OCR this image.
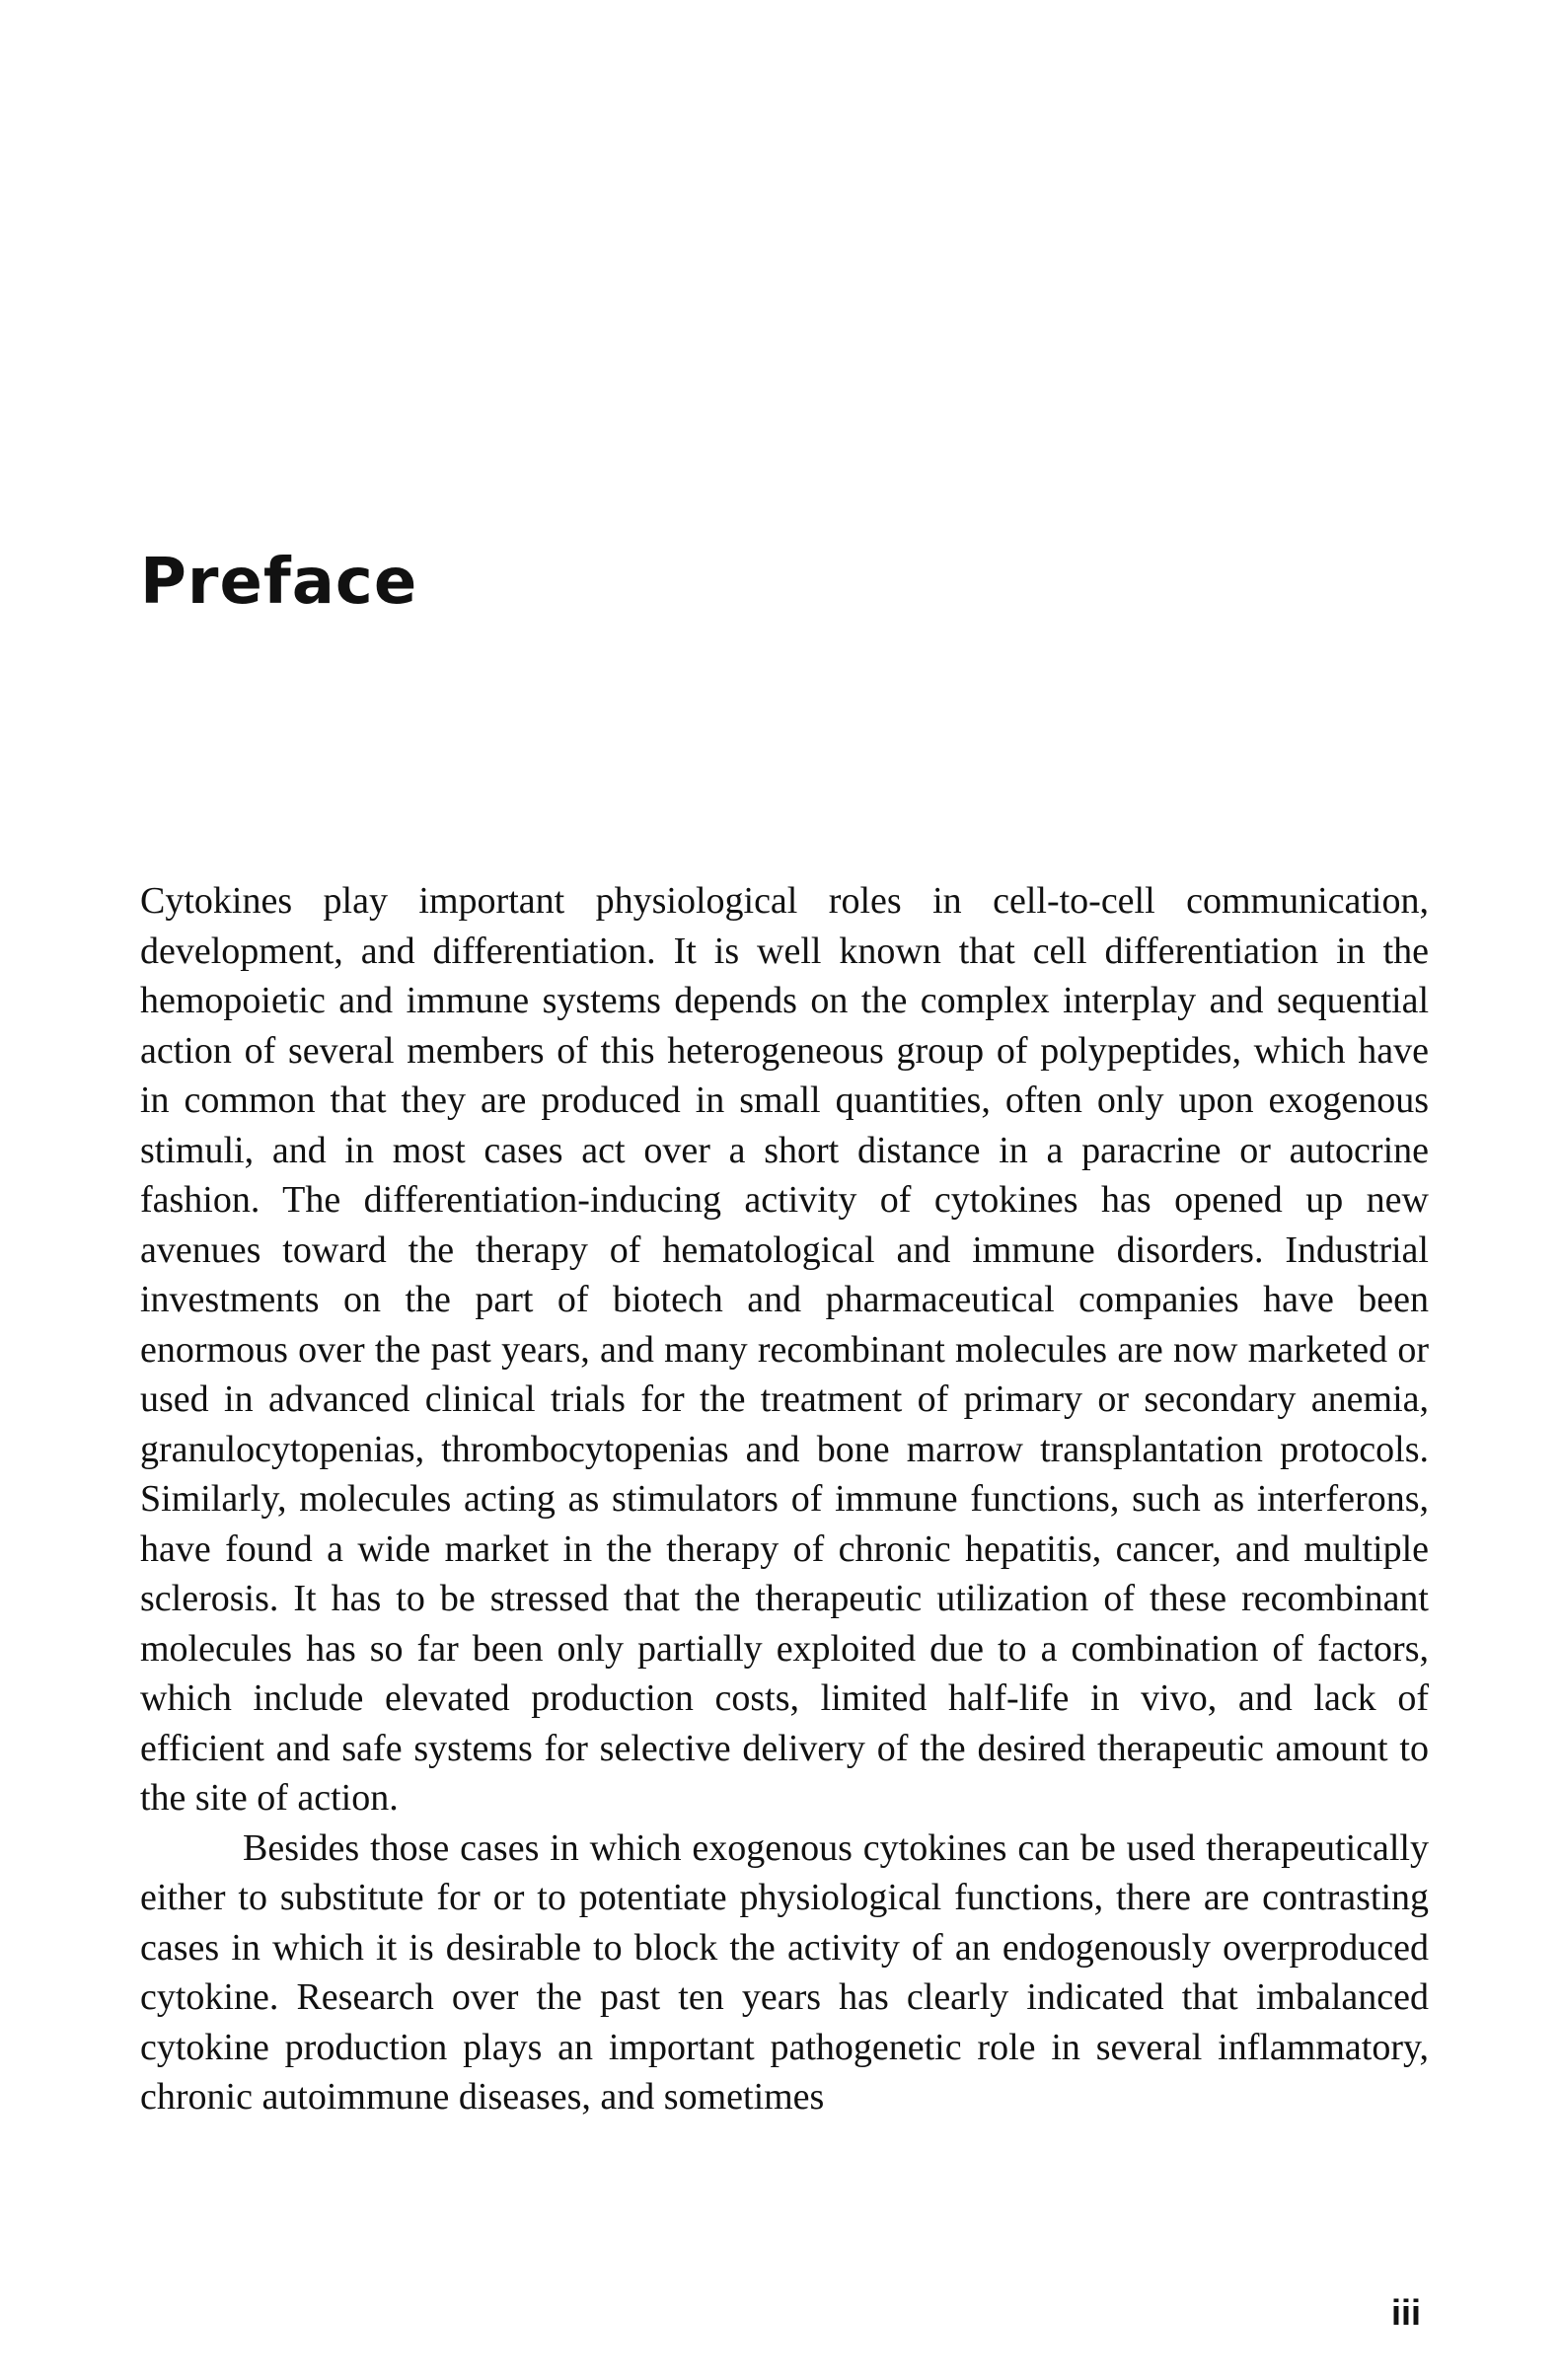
Preface

Cytokines play important physiological roles in cell-to-cell communication, development, and differentiation. It is well known that cell differentiation in the hemopoietic and immune systems depends on the complex interplay and sequential action of several members of this heterogeneous group of polypeptides, which have in common that they are produced in small quantities, often only upon exogenous stimuli, and in most cases act over a short distance in a paracrine or autocrine fashion. The differentiation-inducing activity of cytokines has opened up new avenues toward the therapy of hematological and immune disorders. Industrial investments on the part of biotech and pharmaceutical companies have been enormous over the past years, and many recombinant molecules are now marketed or used in advanced clinical trials for the treatment of primary or secondary anemia, granulocytopenias, thrombocytopenias and bone marrow transplantation protocols. Similarly, molecules acting as stimulators of immune functions, such as interferons, have found a wide market in the therapy of chronic hepatitis, cancer, and multiple sclerosis. It has to be stressed that the therapeutic utilization of these recombinant molecules has so far been only partially exploited due to a combination of factors, which include elevated production costs, limited half-life in vivo, and lack of efficient and safe systems for selective delivery of the desired therapeutic amount to the site of action.

Besides those cases in which exogenous cytokines can be used therapeutically either to substitute for or to potentiate physiological functions, there are contrasting cases in which it is desirable to block the activity of an endogenously overproduced cytokine. Research over the past ten years has clearly indicated that imbalanced cytokine production plays an important pathogenetic role in several inflammatory, chronic autoimmune diseases, and sometimes

iii
